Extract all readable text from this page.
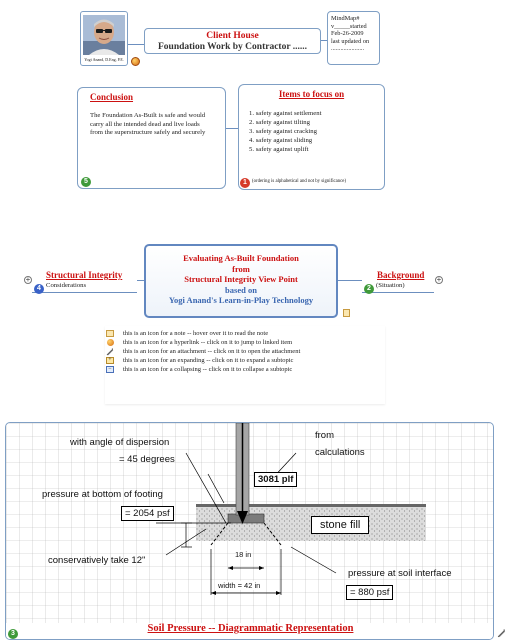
Yogi Anand, D.Eng, P.E.
Client House
Foundation Work by Contractor ......
MindMap#
v_____started
Feb-26-2009
last updated on
.....................
Conclusion
The Foundation As-Built is safe and would carry all the intended dead and live loads from the superstructure safely and securely
5
Items to focus on
1. safety against settlement
2. safety against tilting
3. safety against cracking
4. safety against sliding
5. safety against uplift
1	(ordering is alphabetical and not by significance)
Evaluating As-Built Foundation
from
Structural Integrity View Point
based on
Yogi Anand's Learn-in-Play Technology
+ Structural Integrity
Considerations
4
Background
(Situation)
2
+
this is an icon for a note -- hover over it to read the note
this is an icon for a hyperlink -- click on it to jump to linked item
this is an icon for an attachment -- click on it to open the attachment
+	this is an icon for an expanding -- click on it to expand a subtopic
−	this is an icon for a collapsing -- click on it to collapse a subtopic
with angle of dispersion
= 45 degrees
from
calculations
3081 plf
pressure at bottom of footing
= 2054 psf
stone fill
conservatively take 12"
18 in
width = 42 in
pressure at soil interface
= 880 psf
Soil Pressure -- Diagrammatic Representation
3
